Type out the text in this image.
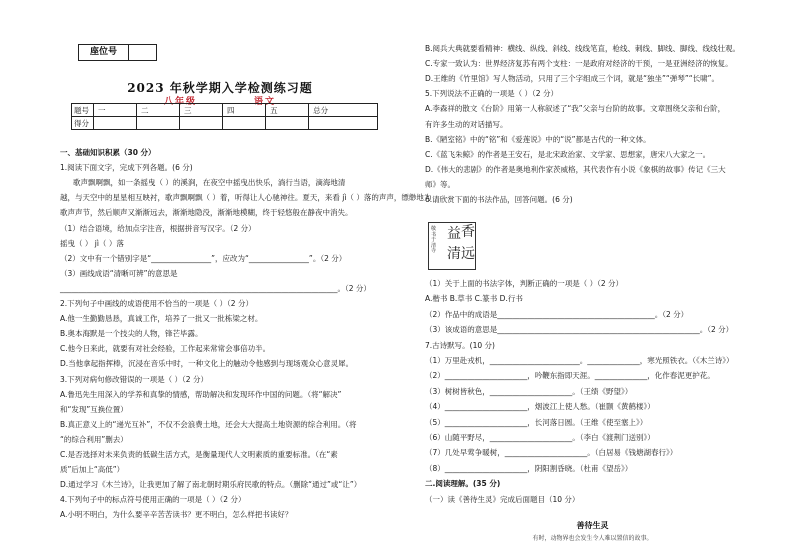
座位号
2023 年秋学期入学检测练习题
八年级	语文
题号	一	二	三	四	五	总分
得分						
一、基础知识积累（30 分）
1.阅读下面文字，完成下列各题。(6 分)
歌声飘啊飘，如一条摇曳（ ）的溪涧，在夜空中摇曳出快乐，淌行当语，滴海地清
越，与天空中的星星相互映衬，歌声飘啊飘（ ）着，听得让人心驰神往。夏天，来看 jì（ ）落的声声，缥缈地为
歌声声节，然后顺声又渐渐远去，渐渐地隐没，渐渐地模糊，终于轻悠般在静夜中消失。
（1）结合语境，给加点字注音，根据拼音写汉字。（2 分）
摇曳（ ） jì（ ）落
（2）文中有一个错别字是“________________”，应改为“________________”。（2 分）
（3）画线成语“清晰可辨”的意思是
__________________________________________________________________________。（2 分）
2.下列句子中画线的成语使用不恰当的一项是（ ）（2 分）
A.他一生勤勤恳恳，真诚工作，培养了一批又一批栋梁之材。
B.奥本海默是一个技尖的人物，锋芒毕露。
C.他今日来此，就要有对社会经验，工作起来常常会事倍功半。
D.当他拿起指挥棒，沉浸在音乐中时，一种文化上的触动令他感到与现场观众心意灵犀。
3.下列对病句修改错误的一项是（ ）（2 分）
A.鲁迅先生用深入的学养和真挚的情感，帮助解决和发现环作中国的问题。（将“解决”
和“发现”互换位置）
B.真正意义上的“递光互补”，不仅不会浪费土地，还会大大提高土地资源的综合利用。（将
“的综合利用”删去）
C.是否选择对未来负责的低碳生活方式，是衡量现代人文明素质的重要标准。（在“素
质”后加上“高低”）
D.通过学习《木兰诗》，让我更加了解了南北朝时期乐府民歌的特点。（删除“通过”或“让”）
4.下列句子中的标点符号使用正确的一项是（ ）（2 分）
A.小明不明白，为什么要辛辛苦苦读书？更不明白，怎么样把书读好？
B.阅兵大典就要看精神：横线、纵线、斜线、线线笔直，枪线、刺线、脚线、脚线、线线壮观。
C.专家一致认为：世界经济复苏有两个支柱：一是政府对经济的干预，一是亚洲经济的恢复。
D.王维的《竹里馆》写人物活动，只用了三个字组成三个词，就是“独坐”“弹琴”“长啸”。
5.下列说法不正确的一项是（ ）（2 分）
A.李森祥的散文《台阶》用第一人称叙述了“我”父亲与台阶的故事。文章围绕父亲和台阶，
有许多生动的对话描写。
B.《陋室铭》中的“铭”和《爱莲说》中的“说”都是古代的一种文体。
C.《蓝飞朱鲸》的作者是王安石，是北宋政治家、文学家、思想家，唐宋八大家之一。
D.《伟大的悲剧》的作者是奥地利作家茨威格，其代表作有小说《象棋的故事》传记《三大
师》等。
6.请欣赏下面的书法作品，回答问题。(6 分)
敬书于清寺
益 香
清 远
（1）关于上面的书法字体，判断正确的一项是（ ）（2 分）
A.楷书 B.草书 C.篆书 D.行书
（2）作品中的成语是__________________________________________。（2 分）
（3）该成语的意思是______________________________________________________。（2 分）
7.古诗默写。(10 分)
（1）万里赴戎机，________________________。______________，寒光照铁衣。（《木兰诗》）
（2）______________________，吟鞭东指即天涯。______________，化作春泥更护花。
（3）树树皆秋色，______________________。（王绩《野望》）
（4）______________________，烟波江上使人愁。（崔颢《黄鹤楼》）
（5）______________________，长河落日圆。（王维《使至塞上》）
（6）山随平野尽，______________________。（李白《渡荆门送别》）
（7）几处早莺争暖树，______________________。（白居易《钱塘湖春行》）
（8）______________________，阴阳割昏晓。（杜甫《望岳》）
二.阅读理解。(35 分)
（一）读《善待生灵》完成后面题目（10 分）
善待生灵
有时，动物界也会发生令人难以置信的故事。
